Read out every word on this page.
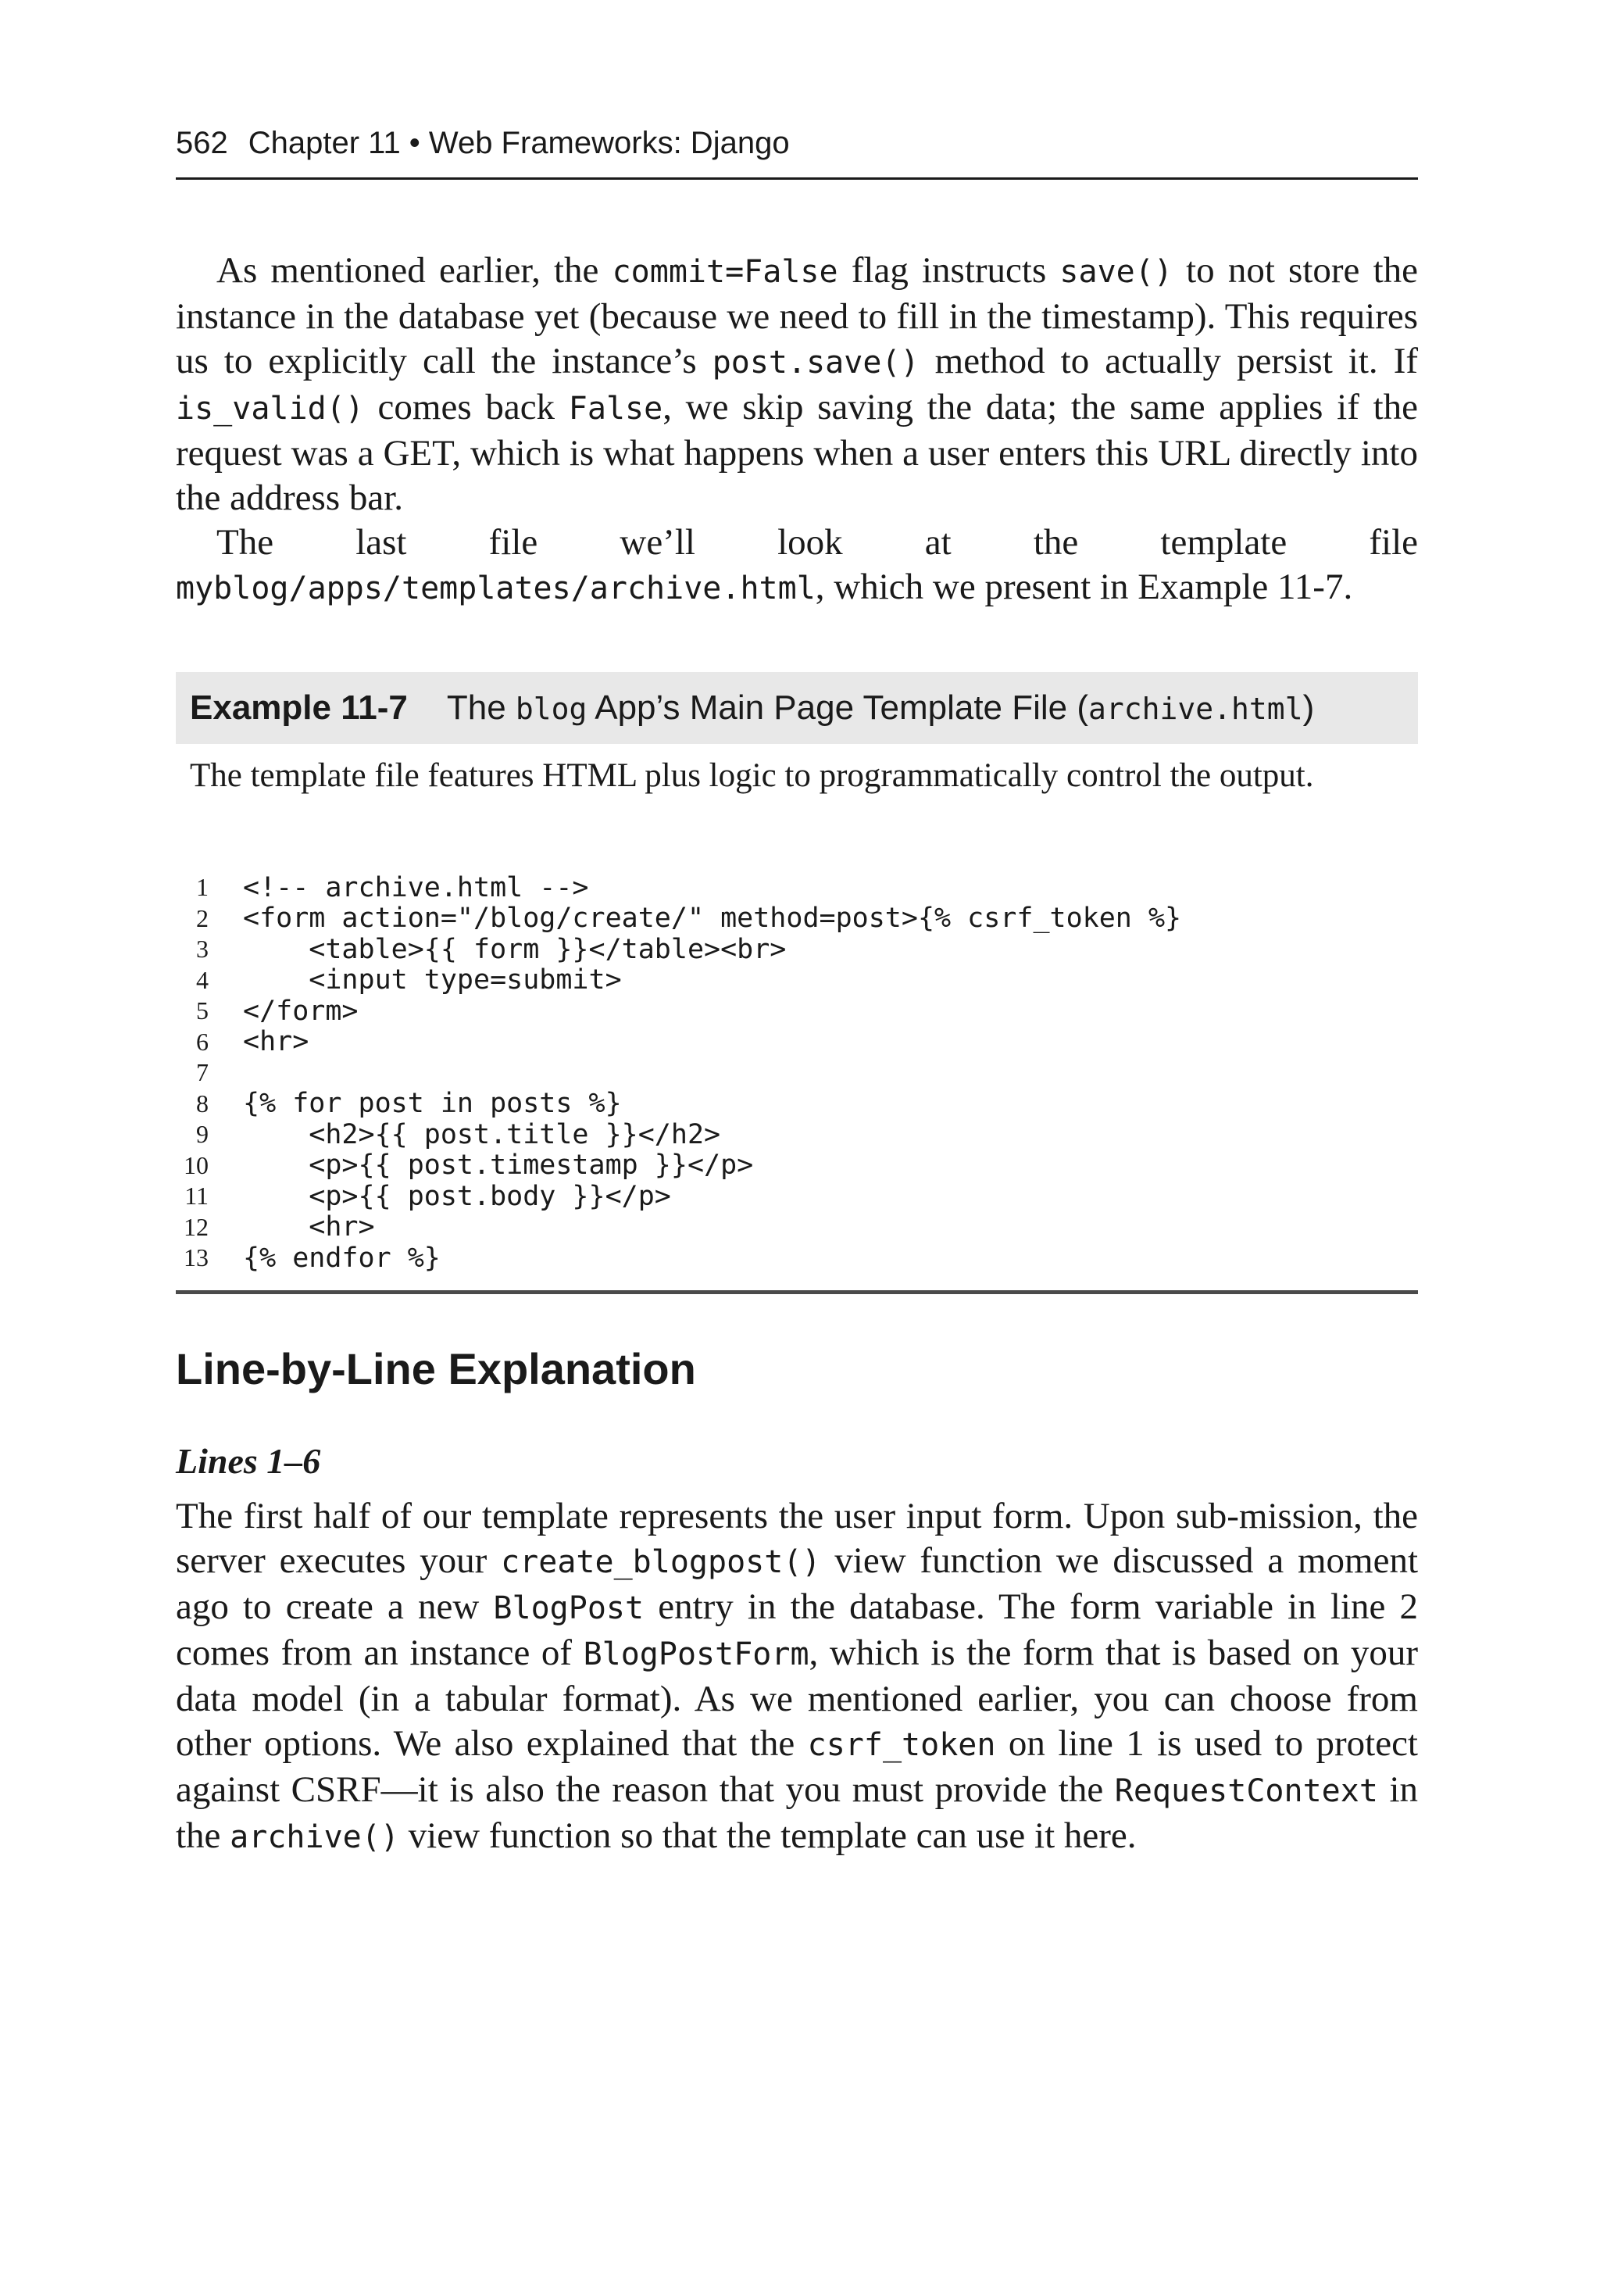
562 Chapter 11 • Web Frameworks: Django

As mentioned earlier, the commit=False flag instructs save() to not store the instance in the database yet (because we need to fill in the timestamp). This requires us to explicitly call the instance’s post.save() method to actually persist it. If is_valid() comes back False, we skip saving the data; the same applies if the request was a GET, which is what happens when a user enters this URL directly into the address bar.

The last file we’ll look at the template file myblog/apps/templates/archive.html, which we present in Example 11-7.

Example 11-7 The blog App’s Main Page Template File (archive.html)

The template file features HTML plus logic to programmatically control the output.

1	<!-- archive.html -->
2	<form action="/blog/create/" method=post>{% csrf_token %}
3	<table>{{ form }}</table><br>
4	<input type=submit>
5	</form>
6	<hr>
7
8	{% for post in posts %}
9	<h2>{{ post.title }}</h2>
10	<p>{{ post.timestamp }}</p>
11	<p>{{ post.body }}</p>
12	<hr>
13	{% endfor %}
Line-by-Line Explanation
Lines 1–6

The first half of our template represents the user input form. Upon sub-mission, the server executes your create_blogpost() view function we discussed a moment ago to create a new BlogPost entry in the database. The form variable in line 2 comes from an instance of BlogPostForm, which is the form that is based on your data model (in a tabular format). As we mentioned earlier, you can choose from other options. We also explained that the csrf_token on line 1 is used to protect against CSRF—it is also the reason that you must provide the RequestContext in the archive() view function so that the template can use it here.
